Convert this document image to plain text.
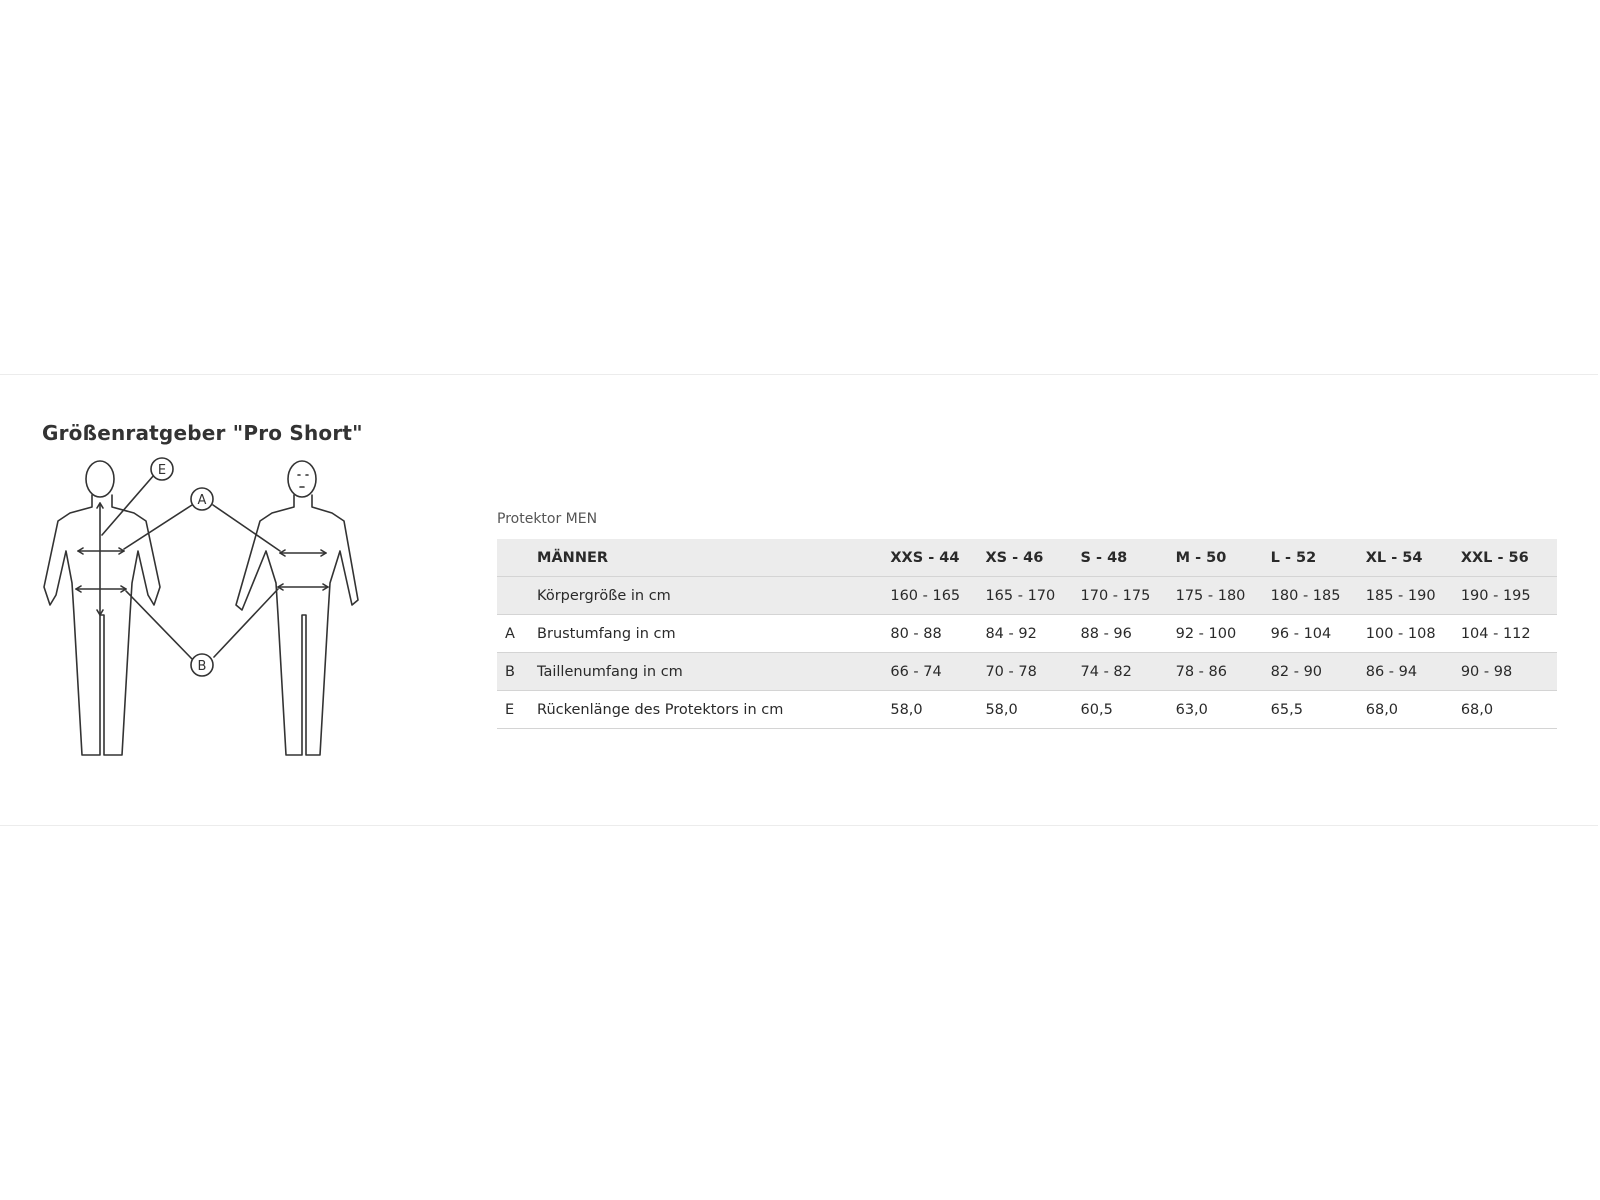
Größenratgeber "Pro Short"
A
B
E
Protektor MEN
	MÄNNER	XXS - 44	XS - 46	S - 48	M - 50	L - 52	XL - 54	XXL - 56
	Körpergröße in cm	160 - 165	165 - 170	170 - 175	175 - 180	180 - 185	185 - 190	190 - 195
A	Brustumfang in cm	80 - 88	84 - 92	88 - 96	92 - 100	96 - 104	100 - 108	104 - 112
B	Taillenumfang in cm	66 - 74	70 - 78	74 - 82	78 - 86	82 - 90	86 - 94	90 - 98
E	Rückenlänge des Protektors in cm	58,0	58,0	60,5	63,0	65,5	68,0	68,0
